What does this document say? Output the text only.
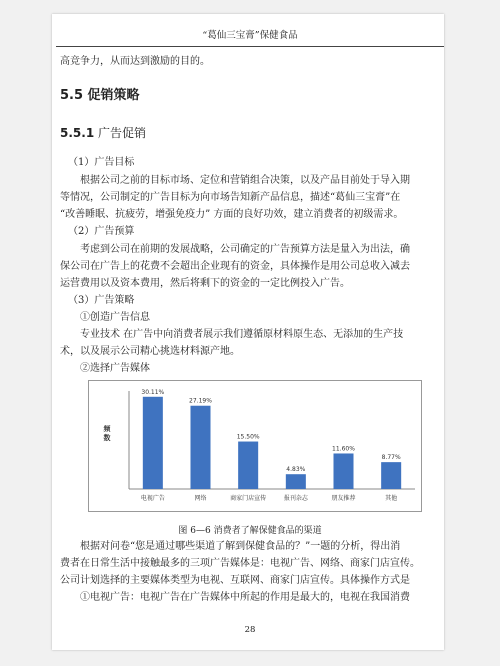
“葛仙三宝膏”保健食品
高竞争力，从而达到激励的目的。
5.5 促销策略
5.5.1 广告促销
（1）广告目标
根据公司之前的目标市场、定位和营销组合决策，以及产品目前处于导入期
等情况，公司制定的广告目标为向市场告知新产品信息，描述“葛仙三宝膏”在
“改善睡眠、抗疲劳，增强免疫力” 方面的良好功效，建立消费者的初级需求。
（2）广告预算
考虑到公司在前期的发展战略，公司确定的广告预算方法是量入为出法，确
保公司在广告上的花费不会超出企业现有的资金，具体操作是用公司总收入减去
运营费用以及资本费用，然后将剩下的资金的一定比例投入广告。
（3）广告策略
①创造广告信息
专业技术 在广告中向消费者展示我们遵循原材料原生态、无添加的生产技
术，以及展示公司精心挑选材料源产地。
②选择广告媒体
频数
30.11%
电视广告
27.19%
网络
15.50%
商家门店宣传
4.83%
报刊杂志
11.60%
朋友推荐
8.77%
其他
图 6—6 消费者了解保健食品的渠道
根据对问卷“您是通过哪些渠道了解到保健食品的？”一题的分析，得出消
费者在日常生活中接触最多的三项广告媒体是：电视广告、网络、商家门店宣传。
公司计划选择的主要媒体类型为电视、互联网、商家门店宣传。具体操作方式是
①电视广告：电视广告在广告媒体中所起的作用是最大的，电视在我国消费
28
